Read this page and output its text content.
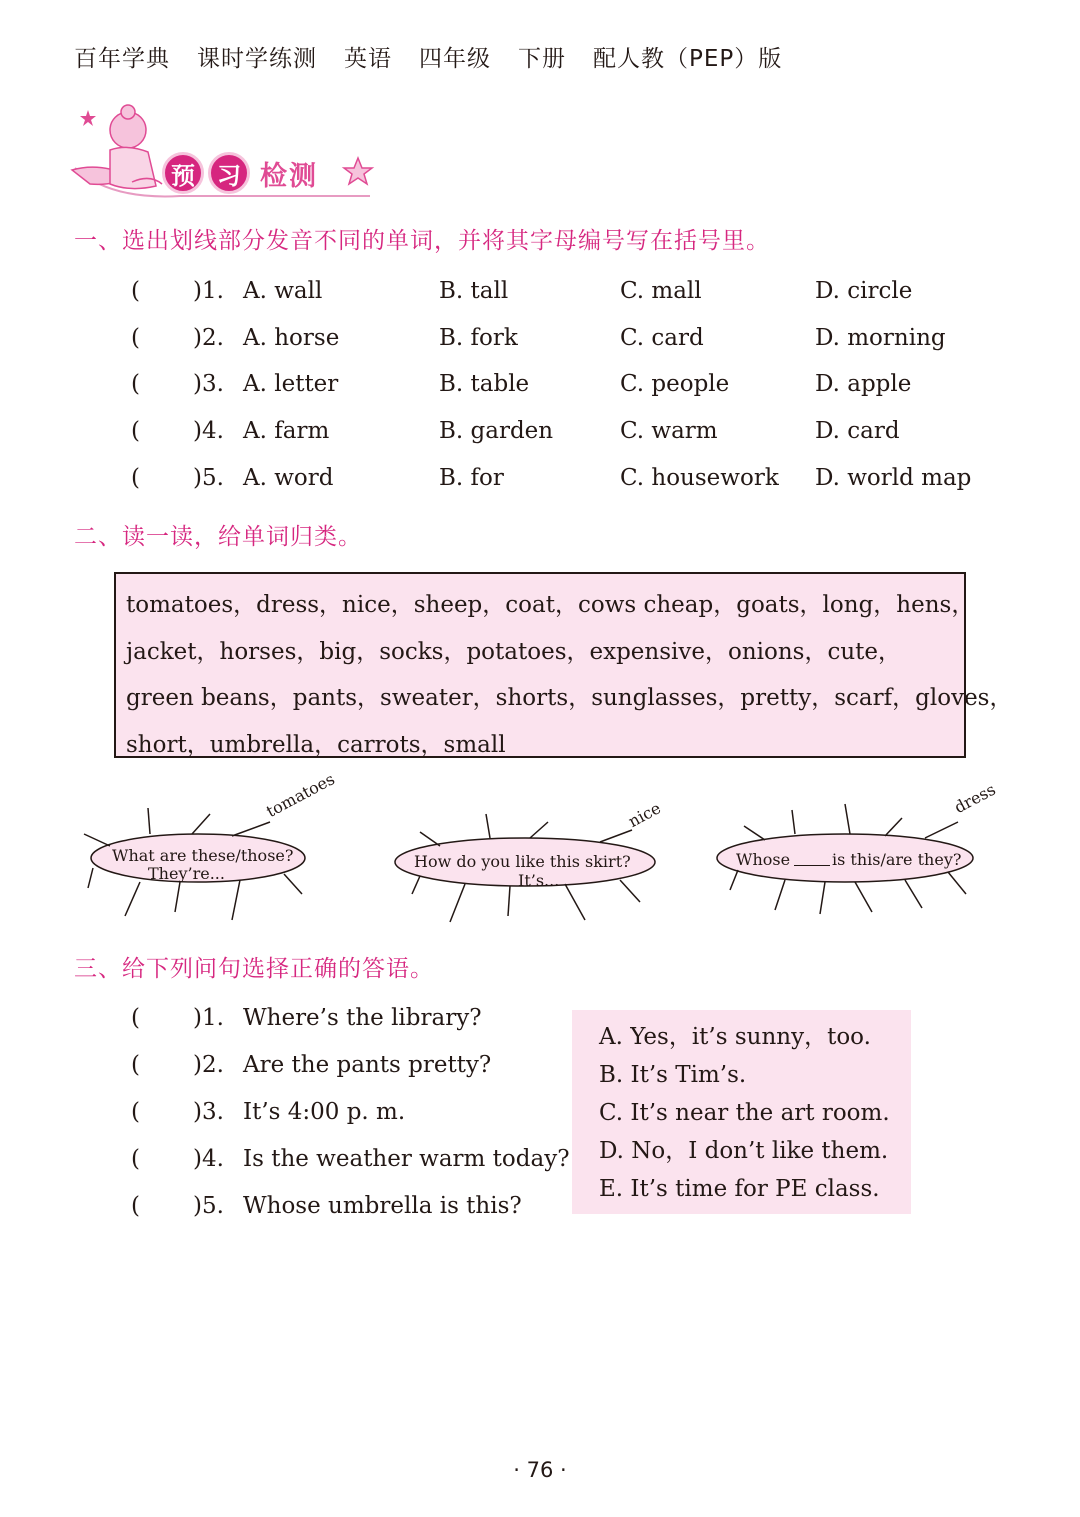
百年学典 课时学练测 英语 四年级 下册 配人教（PEP）版
预 习 检测
一、选出划线部分发音不同的单词，并将其字母编号写在括号里。
( )1. A. wall	B. tall	C. mall	D. circle
( )2. A. horse	B. fork	C. card	D. morning
( )3. A. letter	B. table	C. people	D. apple
( )4. A. farm	B. garden	C. warm	D. card
( )5. A. word	B. for	C. housework D. world map
二、读一读，给单词归类。
tomatoes，dress，nice，sheep，coat，cows cheap，goats，long，hens，
jacket，horses，big，socks，potatoes，expensive，onions，cute，
green beans，pants，sweater，shorts，sunglasses，pretty，scarf，gloves，
short，umbrella，carrots，small
What are these/those?
They’re...
tomatoes
How do you like this skirt?
It’s...
nice
Whose	is this/are they?
dress
三、给下列问句选择正确的答语。
( )1. Where’s the library?
( )2. Are the pants pretty?
( )3. It’s 4:00 p. m.
( )4. Is the weather warm today?
( )5. Whose umbrella is this?
A. Yes，it’s sunny，too.
B. It’s Tim’s.
C. It’s near the art room.
D. No，I don’t like them.
E. It’s time for PE class.
· 76 ·
